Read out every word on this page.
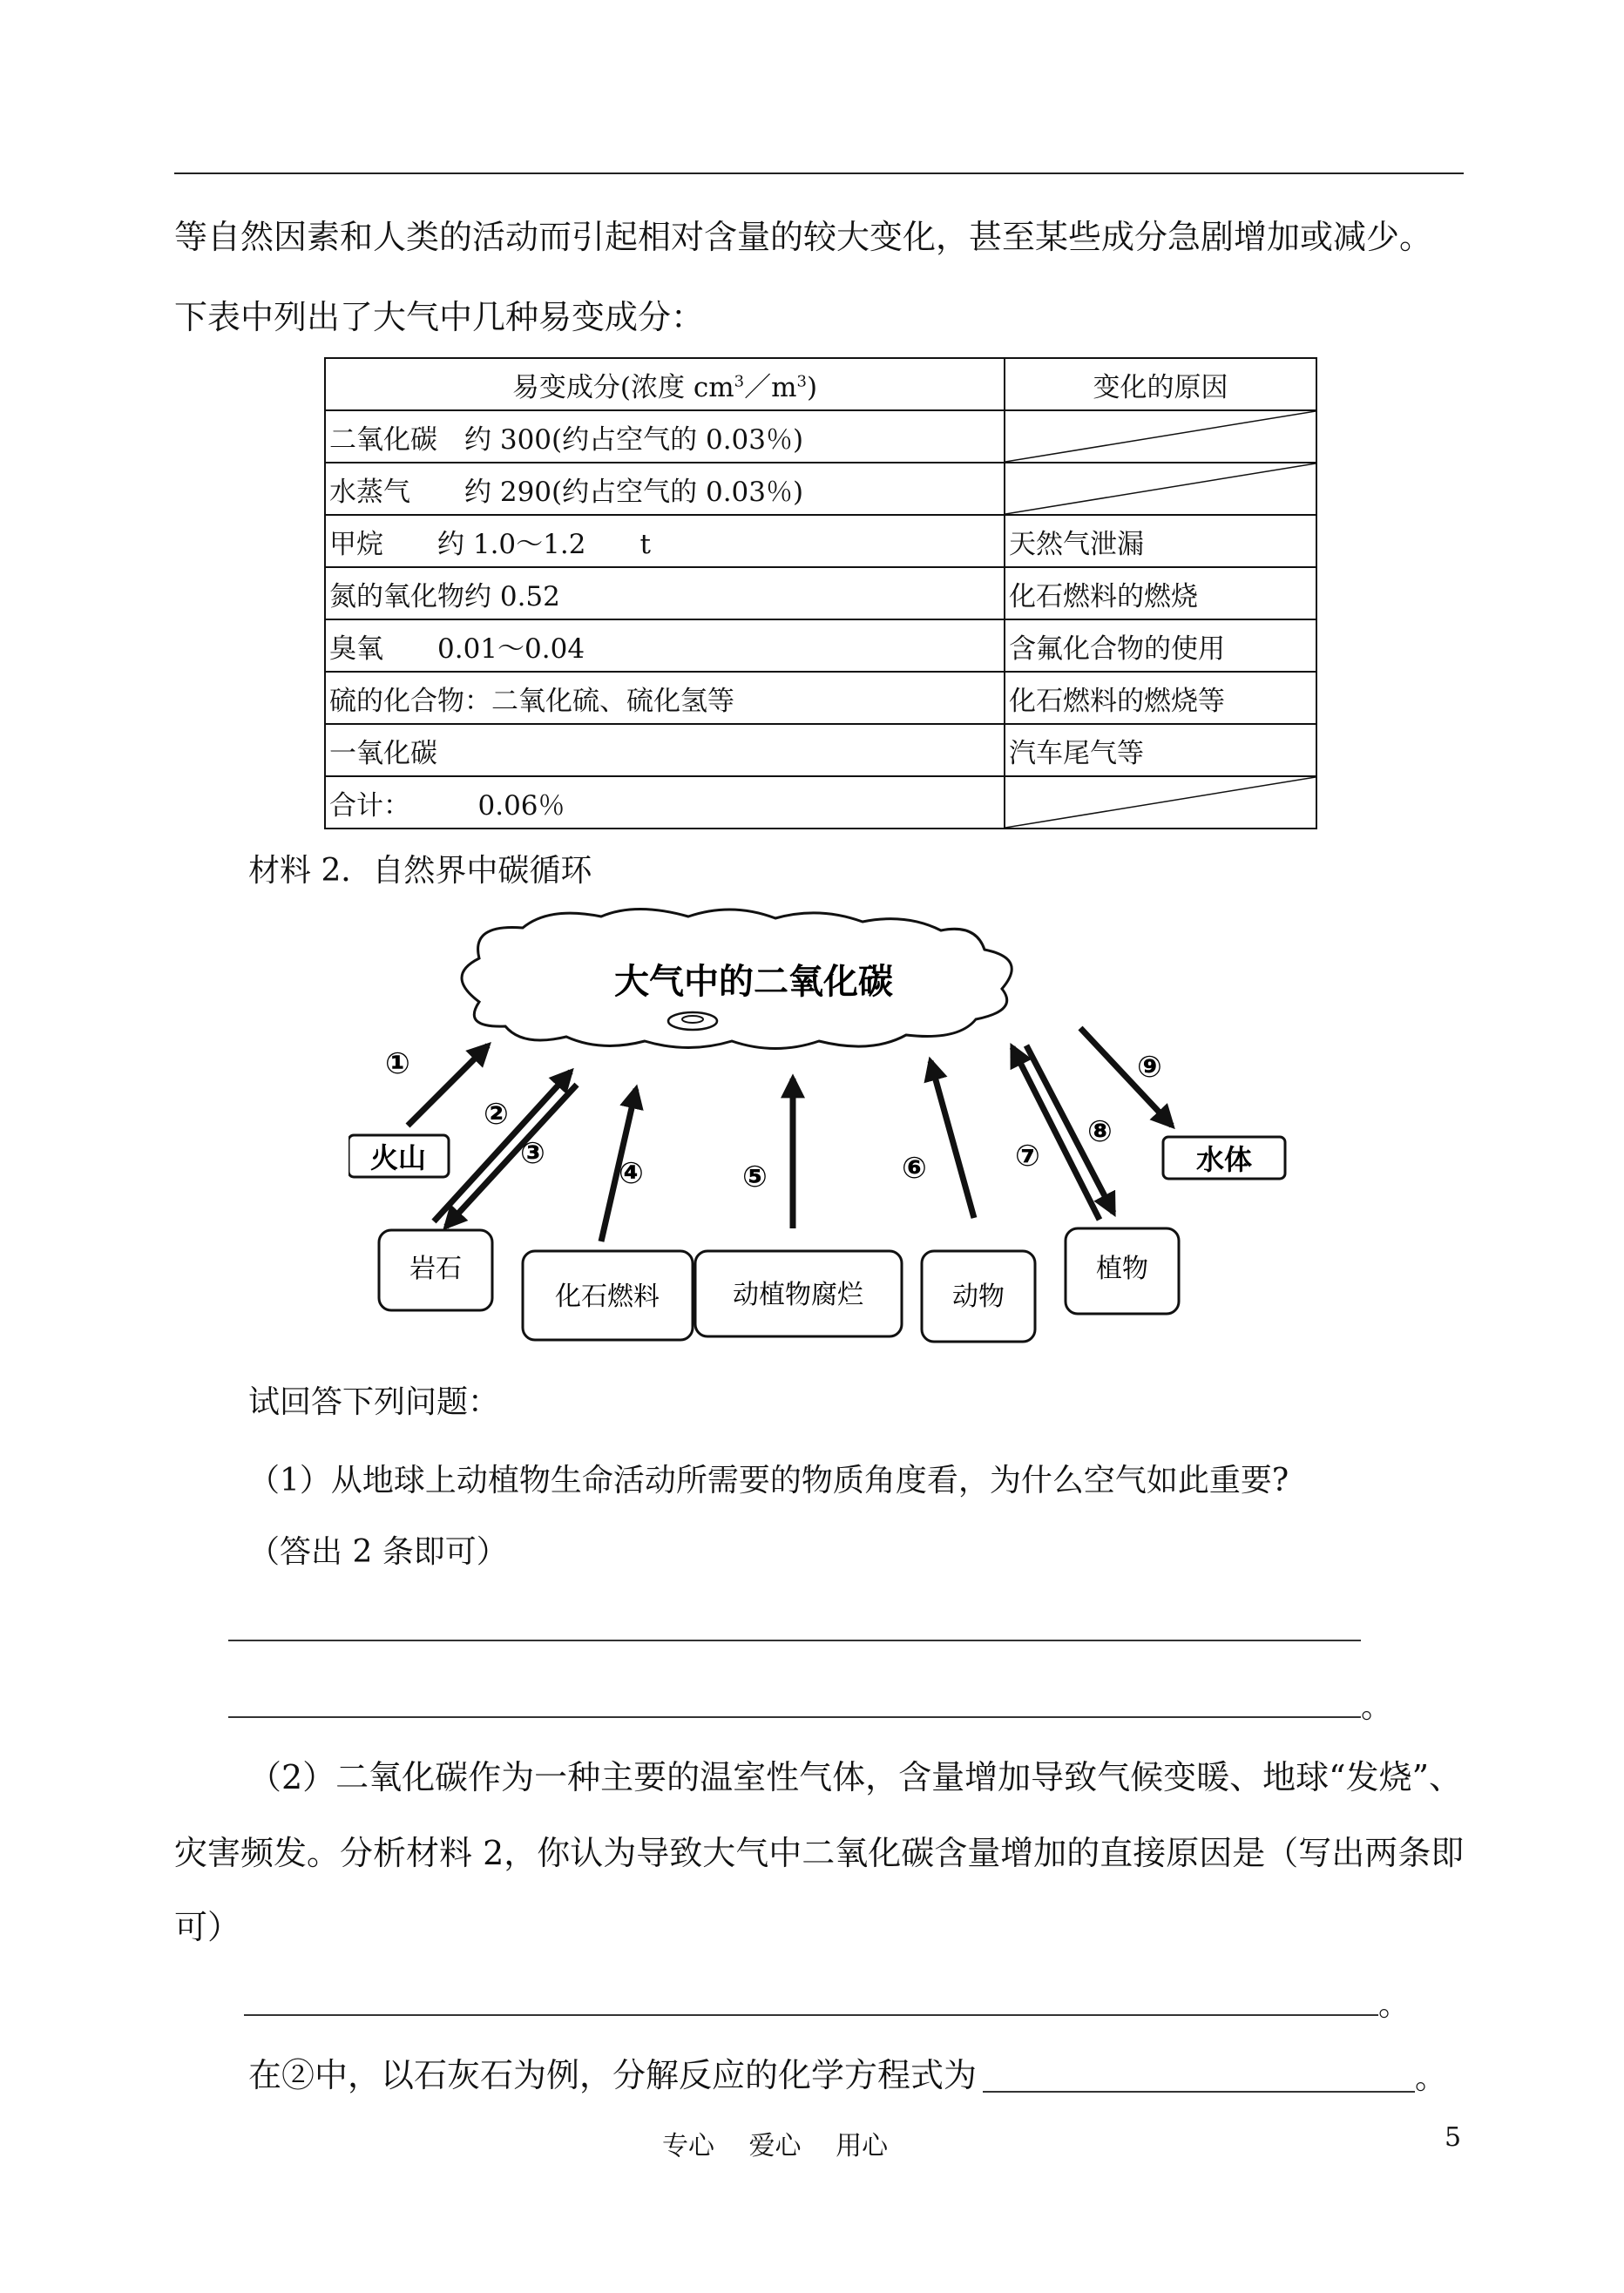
等自然因素和人类的活动而引起相对含量的较大变化，甚至某些成分急剧增加或减少。
下表中列出了大气中几种易变成分：
易变成分(浓度 $cm^3/m^3$)	变化的原因
二氧化碳　约 300(约占空气的 0.03％)	

水蒸气　　约 290(约占空气的 0.03％)	

甲烷　　约 1.0～1.2　　t	天然气泄漏
氮的氧化物约 0.52	化石燃料的燃烧
臭氧　　0.01～0.04	含氟化合物的使用
硫的化合物：二氧化硫、硫化氢等	化石燃料的燃烧等
一氧化碳	汽车尾气等
合计：　　　0.06％	
材料 2．自然界中碳循环
大气中的二氧化碳
火山	水体
岩石
化石燃料	动植物腐烂	动物
植物
①
②
③
④	⑤	⑥	⑦
⑧
⑨
试回答下列问题：
（1）从地球上动植物生命活动所需要的物质角度看，为什么空气如此重要?
（答出 2 条即可）
。
（2）二氧化碳作为一种主要的温室性气体，含量增加导致气候变暖、地球“发烧”、
灾害频发。分析材料 2，你认为导致大气中二氧化碳含量增加的直接原因是（写出两条即
可）
。
在②中，以石灰石为例，分解反应的化学方程式为	。
专心　 爱心　 用心	5
